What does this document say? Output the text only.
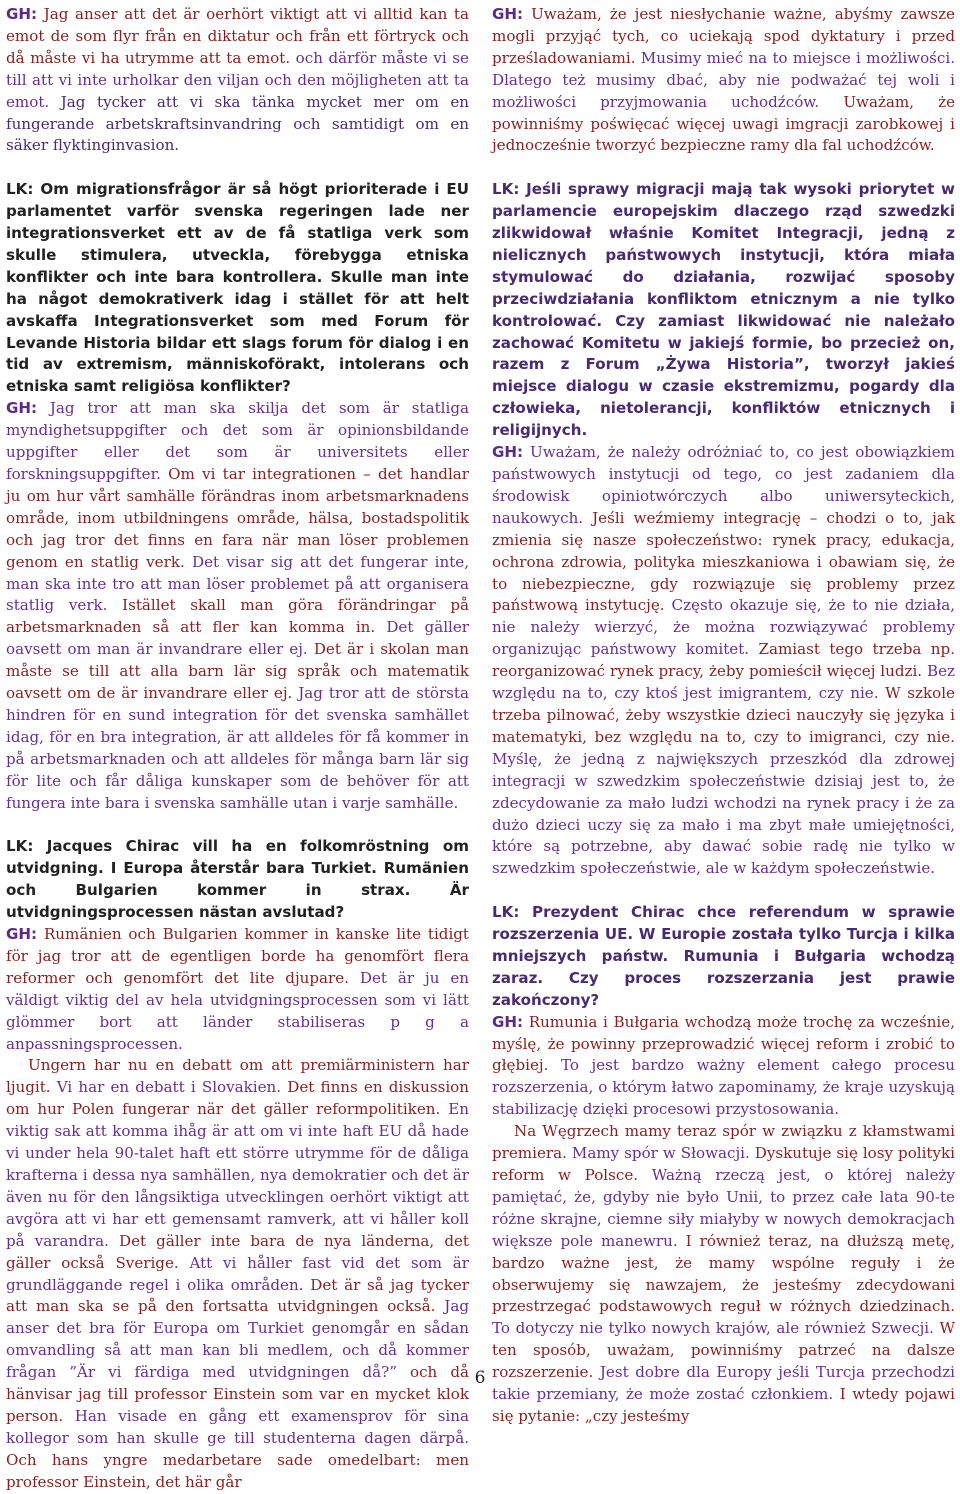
GH: Jag anser att det är oerhört viktigt att vi alltid kan ta emot de som flyr från en diktatur och från ett förtryck och då måste vi ha utrymme att ta emot. och därför måste vi se till att vi inte urholkar den viljan och den möjligheten att ta emot. Jag tycker att vi ska tänka mycket mer om en fungerande arbetskraftsinvandring och samtidigt om en säker flyktinginvasion.

LK: Om migrationsfrågor är så högt prioriterade i EU parlamentet varför svenska regeringen lade ner integrationsverket ett av de få statliga verk som skulle stimulera, utveckla, förebygga etniska konflikter och inte bara kontrollera. Skulle man inte ha något demokrativerk idag i stället för att helt avskaffa Integrationsverket som med Forum för Levande Historia bildar ett slags forum för dialog i en tid av extremism, människoförakt, intolerans och etniska samt religiösa konflikter?

GH: Jag tror att man ska skilja det som är statliga myndighetsuppgifter och det som är opinionsbildande uppgifter eller det som är universitets eller forskningsuppgifter. Om vi tar integrationen – det handlar ju om hur vårt samhälle förändras inom arbetsmarknadens område, inom utbildningens område, hälsa, bostadspolitik och jag tror det finns en fara när man löser problemen genom en statlig verk. Det visar sig att det fungerar inte, man ska inte tro att man löser problemet på att organisera statlig verk. Istället skall man göra förändringar på arbetsmarknaden så att fler kan komma in. Det gäller oavsett om man är invandrare eller ej. Det är i skolan man måste se till att alla barn lär sig språk och matematik oavsett om de är invandrare eller ej. Jag tror att de största hindren för en sund integration för det svenska samhället idag, för en bra integration, är att alldeles för få kommer in på arbetsmarknaden och att alldeles för många barn lär sig för lite och får dåliga kunskaper som de behöver för att fungera inte bara i svenska samhälle utan i varje samhälle.

LK: Jacques Chirac vill ha en folkomröstning om utvidgning. I Europa återstår bara Turkiet. Rumänien och Bulgarien kommer in strax. Är utvidgningsprocessen nästan avslutad?

GH: Rumänien och Bulgarien kommer in kanske lite tidigt för jag tror att de egentligen borde ha genomfört flera reformer och genomfört det lite djupare. Det är ju en väldigt viktig del av hela utvidgningsprocessen som vi lätt glömmer bort att länder stabiliseras p g a anpassningsprocessen.

Ungern har nu en debatt om att premiärministern har ljugit. Vi har en debatt i Slovakien. Det finns en diskussion om hur Polen fungerar när det gäller reformpolitiken. En viktig sak att komma ihåg är att om vi inte haft EU då hade vi under hela 90-talet haft ett större utrymme för de dåliga krafterna i dessa nya samhällen, nya demokratier och det är även nu för den långsiktiga utvecklingen oerhört viktigt att avgöra att vi har ett gemensamt ramverk, att vi håller koll på varandra. Det gäller inte bara de nya länderna, det gäller också Sverige. Att vi håller fast vid det som är grundläggande regel i olika områden. Det är så jag tycker att man ska se på den fortsatta utvidgningen också. Jag anser det bra för Europa om Turkiet genomgår en sådan omvandling så att man kan bli medlem, och då kommer frågan ”Är vi färdiga med utvidgningen då?” och då hänvisar jag till professor Einstein som var en mycket klok person. Han visade en gång ett examensprov för sina kollegor som han skulle ge till studenterna dagen därpå. Och hans yngre medarbetare sade omedelbart: men professor Einstein, det här går

GH: Uważam, że jest niesłychanie ważne, abyśmy zawsze mogli przyjąć tych, co uciekają spod dyktatury i przed prześladowaniami. Musimy mieć na to miejsce i możliwości. Dlatego też musimy dbać, aby nie podważać tej woli i możliwości przyjmowania uchodźców. Uważam, że powinniśmy poświęcać więcej uwagi imgracji zarobkowej i jednocześnie tworzyć bezpieczne ramy dla fal uchodźców.

LK: Jeśli sprawy migracji mają tak wysoki priorytet w parlamencie europejskim dlaczego rząd szwedzki zlikwidował właśnie Komitet Integracji, jedną z nielicznych państwowych instytucji, która miała stymulować do działania, rozwijać sposoby przeciwdziałania konfliktom etnicznym a nie tylko kontrolować. Czy zamiast likwidować nie należało zachować Komitetu w jakiejś formie, bo przecież on, razem z Forum „Żywa Historia”, tworzył jakieś miejsce dialogu w czasie ekstremizmu, pogardy dla człowieka, nietolerancji, konfliktów etnicznych i religijnych.

GH: Uważam, że należy odróżniać to, co jest obowiązkiem państwowych instytucji od tego, co jest zadaniem dla środowisk opiniotwórczych albo uniwersyteckich, naukowych. Jeśli weźmiemy integrację – chodzi o to, jak zmienia się nasze społeczeństwo: rynek pracy, edukacja, ochrona zdrowia, polityka mieszkaniowa i obawiam się, że to niebezpieczne, gdy rozwiązuje się problemy przez państwową instytucję. Często okazuje się, że to nie działa, nie należy wierzyć, że można rozwiązywać problemy organizując państwowy komitet. Zamiast tego trzeba np. reorganizować rynek pracy, żeby pomieścił więcej ludzi. Bez względu na to, czy ktoś jest imigrantem, czy nie. W szkole trzeba pilnować, żeby wszystkie dzieci nauczyły się języka i matematyki, bez względu na to, czy to imigranci, czy nie. Myślę, że jedną z największych przeszkód dla zdrowej integracji w szwedzkim społeczeństwie dzisiaj jest to, że zdecydowanie za mało ludzi wchodzi na rynek pracy i że za dużo dzieci uczy się za mało i ma zbyt małe umiejętności, które są potrzebne, aby dawać sobie radę nie tylko w szwedzkim społeczeństwie, ale w każdym społeczeństwie.

LK: Prezydent Chirac chce referendum w sprawie rozszerzenia UE. W Europie została tylko Turcja i kilka mniejszych państw. Rumunia i Bułgaria wchodzą zaraz. Czy proces rozszerzania jest prawie zakończony?

GH: Rumunia i Bułgaria wchodzą może trochę za wcześnie, myślę, że powinny przeprowadzić więcej reform i zrobić to głębiej. To jest bardzo ważny element całego procesu rozszerzenia, o którym łatwo zapominamy, że kraje uzyskują stabilizację dzięki procesowi przystosowania.

Na Węgrzech mamy teraz spór w związku z kłamstwami premiera. Mamy spór w Słowacji. Dyskutuje się losy polityki reform w Polsce. Ważną rzeczą jest, o której należy pamiętać, że, gdyby nie było Unii, to przez całe lata 90-te różne skrajne, ciemne siły miałyby w nowych demokracjach większe pole manewru. I również teraz, na dłuższą metę, bardzo ważne jest, że mamy wspólne reguły i że obserwujemy się nawzajem, że jesteśmy zdecydowani przestrzegać podstawowych reguł w różnych dziedzinach. To dotyczy nie tylko nowych krajów, ale również Szwecji. W ten sposób, uważam, powinniśmy patrzeć na dalsze rozszerzenie. Jest dobre dla Europy jeśli Turcja przechodzi takie przemiany, że może zostać członkiem. I wtedy pojawi się pytanie: „czy jesteśmy

6
